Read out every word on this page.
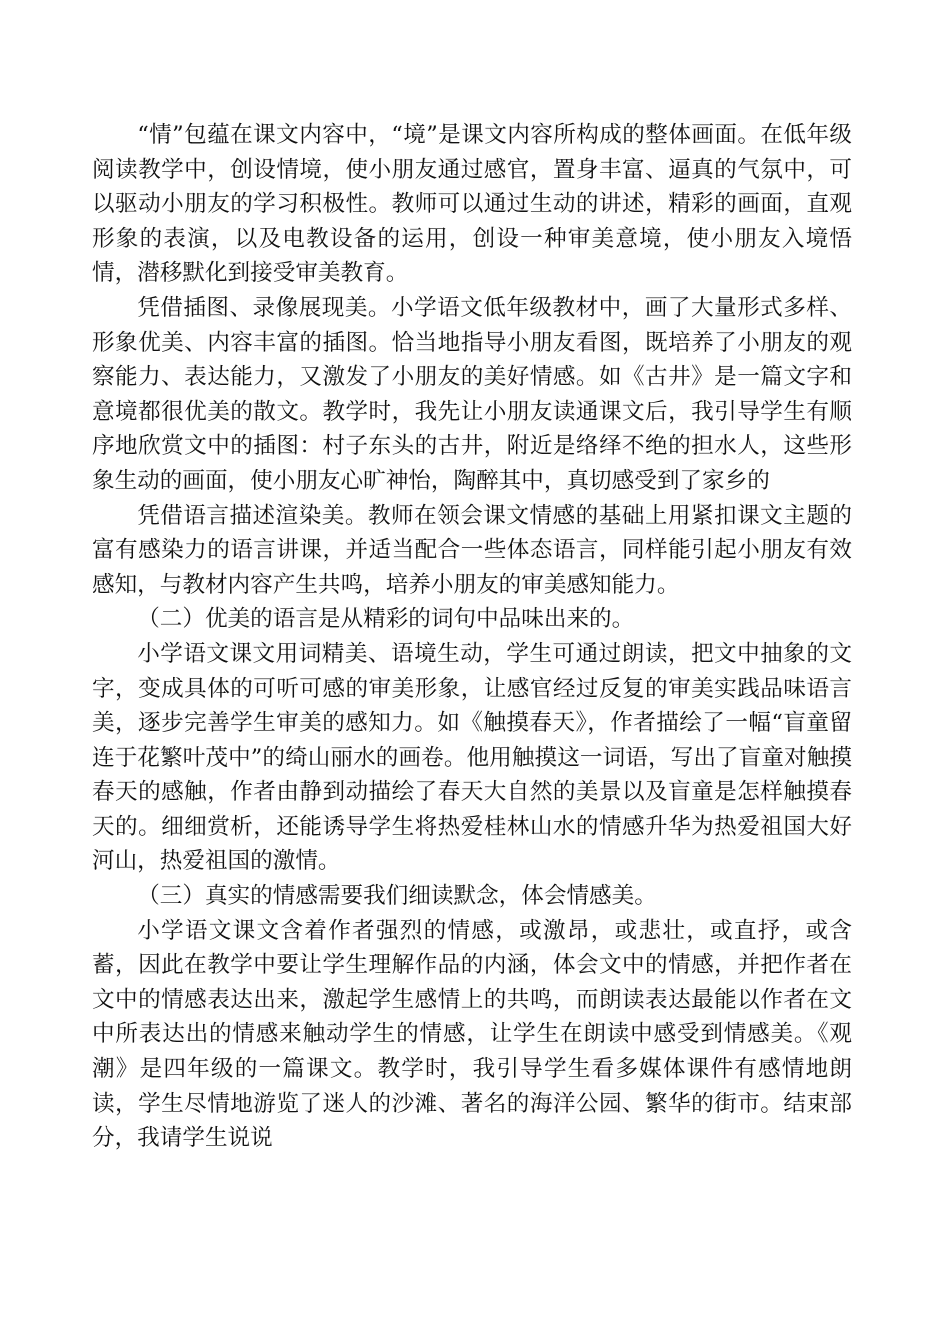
“情”包蕴在课文内容中，“境”是课文内容所构成的整体画面。在低年级阅读教学中，创设情境，使小朋友通过感官，置身丰富、逼真的气氛中，可以驱动小朋友的学习积极性。教师可以通过生动的讲述，精彩的画面，直观形象的表演，以及电教设备的运用，创设一种审美意境，使小朋友入境悟情，潜移默化到接受审美教育。

凭借插图、录像展现美。小学语文低年级教材中，画了大量形式多样、形象优美、内容丰富的插图。恰当地指导小朋友看图，既培养了小朋友的观察能力、表达能力，又激发了小朋友的美好情感。如《古井》是一篇文字和意境都很优美的散文。教学时，我先让小朋友读通课文后，我引导学生有顺序地欣赏文中的插图：村子东头的古井，附近是络绎不绝的担水人，这些形象生动的画面，使小朋友心旷神怡，陶醉其中，真切感受到了家乡的

凭借语言描述渲染美。教师在领会课文情感的基础上用紧扣课文主题的富有感染力的语言讲课，并适当配合一些体态语言，同样能引起小朋友有效感知，与教材内容产生共鸣，培养小朋友的审美感知能力。

（二）优美的语言是从精彩的词句中品味出来的。

小学语文课文用词精美、语境生动，学生可通过朗读，把文中抽象的文字，变成具体的可听可感的审美形象，让感官经过反复的审美实践品味语言美，逐步完善学生审美的感知力。如《触摸春天》，作者描绘了一幅“盲童留连于花繁叶茂中”的绮山丽水的画卷。他用触摸这一词语，写出了盲童对触摸春天的感触，作者由静到动描绘了春天大自然的美景以及盲童是怎样触摸春天的。细细赏析，还能诱导学生将热爱桂林山水的情感升华为热爱祖国大好河山，热爱祖国的激情。

（三）真实的情感需要我们细读默念，体会情感美。

小学语文课文含着作者强烈的情感，或激昂，或悲壮，或直抒，或含蓄，因此在教学中要让学生理解作品的内涵，体会文中的情感，并把作者在文中的情感表达出来，激起学生感情上的共鸣，而朗读表达最能以作者在文中所表达出的情感来触动学生的情感，让学生在朗读中感受到情感美。《观潮》是四年级的一篇课文。教学时，我引导学生看多媒体课件有感情地朗读，学生尽情地游览了迷人的沙滩、著名的海洋公园、繁华的街市。结束部分，我请学生说说
